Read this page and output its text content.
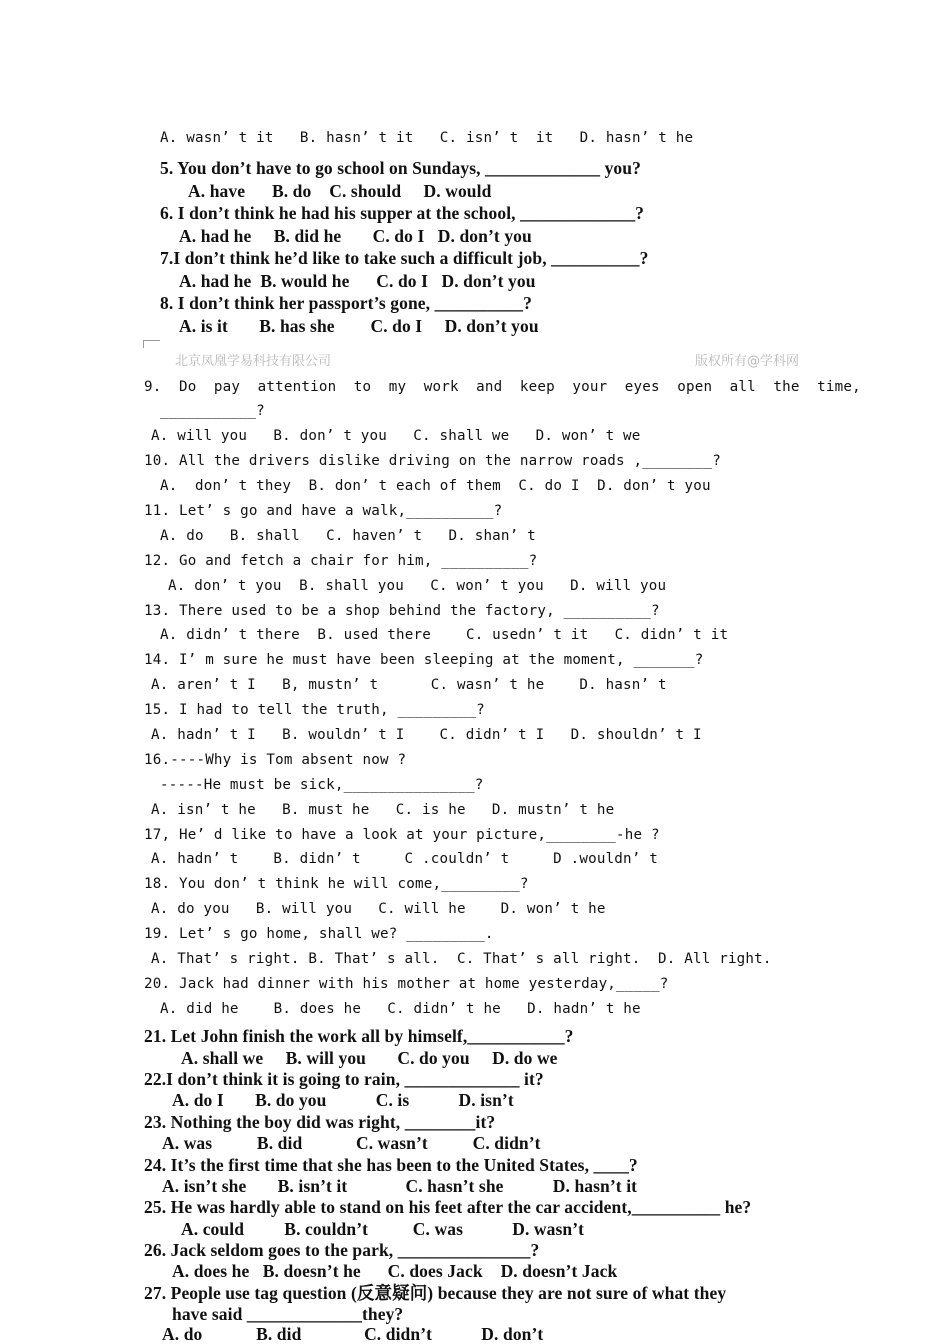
北京凤凰学易科技有限公司	版权所有@学科网
A. wasn’ t it   B. hasn’ t it   C. isn’ t  it   D. hasn’ t he
5. You don’t have to go school on Sundays, _____________ you?
A. have      B. do    C. should     D. would
6. I don’t think he had his supper at the school, _____________?
A. had he     B. did he       C. do I   D. don’t you
7.I don’t think he’d like to take such a difficult job, __________?
A. had he  B. would he      C. do I   D. don’t you
8. I don’t think her passport’s gone, __________?
A. is it       B. has she        C. do I     D. don’t you
9.  Do  pay  attention  to  my  work  and  keep  your  eyes  open  all  the  time,
___________?
A. will you   B. don’ t you   C. shall we   D. won’ t we
10. All the drivers dislike driving on the narrow roads ,________?
A.  don’ t they  B. don’ t each of them  C. do I  D. don’ t you
11. Let’ s go and have a walk,__________?
A. do   B. shall   C. haven’ t   D. shan’ t
12. Go and fetch a chair for him, __________?
A. don’ t you  B. shall you   C. won’ t you   D. will you
13. There used to be a shop behind the factory, __________?
A. didn’ t there  B. used there    C. usedn’ t it   C. didn’ t it
14. I’ m sure he must have been sleeping at the moment, _______?
A. aren’ t I   B, mustn’ t      C. wasn’ t he    D. hasn’ t
15. I had to tell the truth, _________?
A. hadn’ t I   B. wouldn’ t I    C. didn’ t I   D. shouldn’ t I
16.----Why is Tom absent now ?
-----He must be sick,_______________?
A. isn’ t he   B. must he   C. is he   D. mustn’ t he
17, He’ d like to have a look at your picture,________-he ?
A. hadn’ t    B. didn’ t     C .couldn’ t     D .wouldn’ t
18. You don’ t think he will come,_________?
A. do you   B. will you   C. will he    D. won’ t he
19. Let’ s go home, shall we? _________.
A. That’ s right. B. That’ s all.  C. That’ s all right.  D. All right.
20. Jack had dinner with his mother at home yesterday,_____?
A. did he    B. does he   C. didn’ t he   D. hadn’ t he
21. Let John finish the work all by himself,___________?
A. shall we     B. will you       C. do you     D. do we
22.I don’t think it is going to rain, _____________ it?
A. do I       B. do you           C. is           D. isn’t
23. Nothing the boy did was right, ________it?
A. was          B. did            C. wasn’t          C. didn’t
24. It’s the first time that she has been to the United States, ____?
A. isn’t she       B. isn’t it             C. hasn’t she           D. hasn’t it
25. He was hardly able to stand on his feet after the car accident,__________ he?
A. could         B. couldn’t          C. was           D. wasn’t
26. Jack seldom goes to the park, _______________?
A. does he   B. doesn’t he      C. does Jack    D. doesn’t Jack
27. People use tag question (反意疑问) because they are not sure of what they
have said _____________they?
A. do            B. did              C. didn’t           D. don’t
